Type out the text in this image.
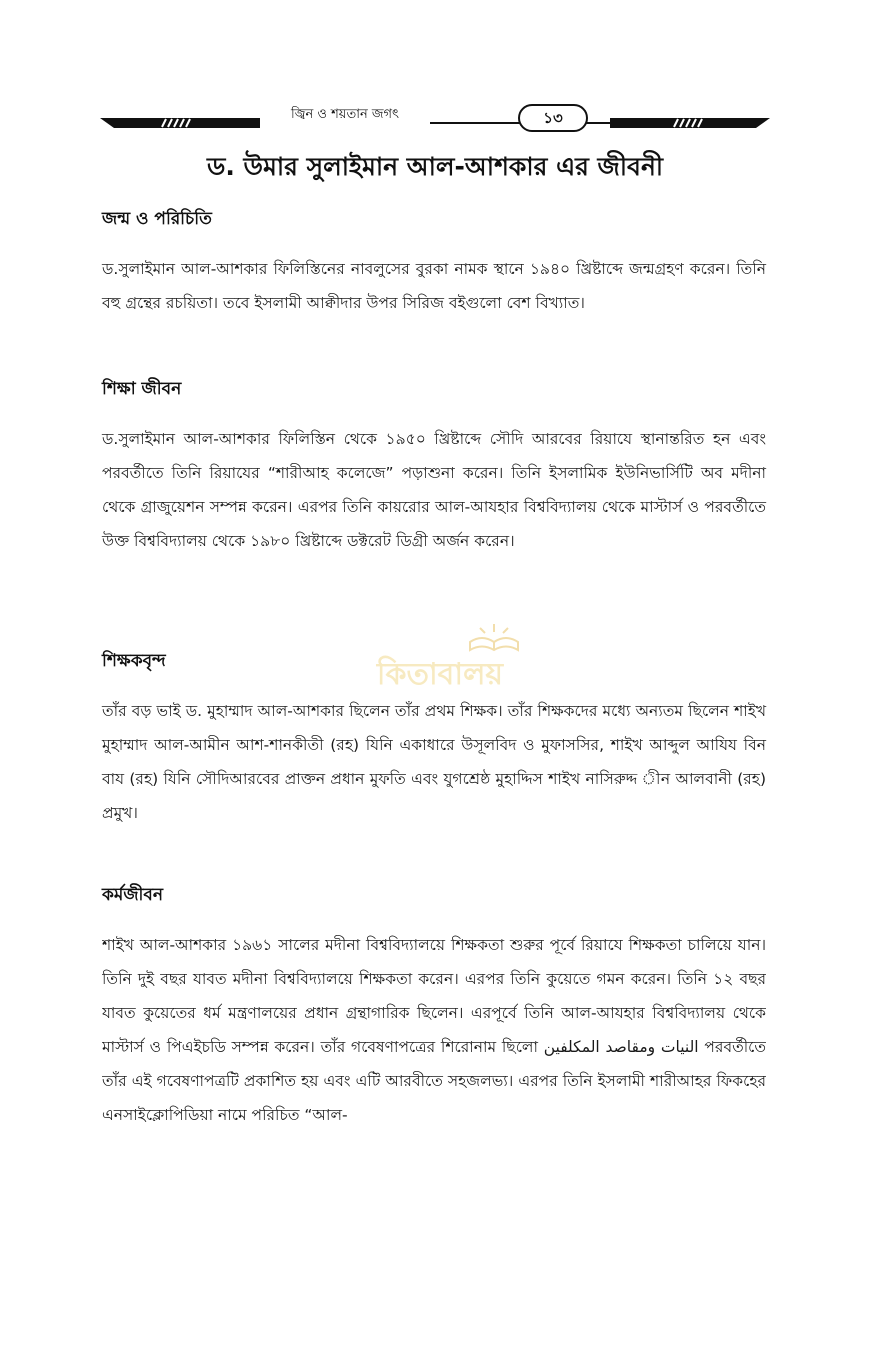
জ্বিন ও শয়তান জগৎ	১৩
ড. উমার সুলাইমান আল-আশকার এর জীবনী
কিতাবালয়
জন্ম ও পরিচিতি

ড.সুলাইমান আল-আশকার ফিলিস্তিনের নাবলুসের বুরকা নামক স্থানে ১৯৪০ খ্রিষ্টাব্দে জন্মগ্রহণ করেন। তিনি বহু গ্রন্থের রচয়িতা। তবে ইসলামী আক্বীদার উপর সিরিজ বইগুলো বেশ বিখ্যাত।

শিক্ষা জীবন

ড.সুলাইমান আল-আশকার ফিলিস্তিন থেকে ১৯৫০ খ্রিষ্টাব্দে সৌদি আরবের রিয়াযে স্থানান্তরিত হন এবং পরবর্তীতে তিনি রিয়াযের “শারীআহ কলেজে” পড়াশুনা করেন। তিনি ইসলামিক ইউনিভার্সিটি অব মদীনা থেকে গ্রাজুয়েশন সম্পন্ন করেন। এরপর তিনি কায়রোর আল-আযহার বিশ্ববিদ্যালয় থেকে মাস্টার্স ও পরবর্তীতে উক্ত বিশ্ববিদ্যালয় থেকে ১৯৮০ খ্রিষ্টাব্দে ডক্টরেট ডিগ্রী অর্জন করেন।

শিক্ষকবৃন্দ

তাঁর বড় ভাই ড. মুহাম্মাদ আল-আশকার ছিলেন তাঁর প্রথম শিক্ষক। তাঁর শিক্ষকদের মধ্যে অন্যতম ছিলেন শাইখ মুহাম্মাদ আল-আমীন আশ-শানকীতী (রহ) যিনি একাধারে উসূলবিদ ও মুফাসসির, শাইখ আব্দুল আযিয বিন বায (রহ) যিনি সৌদিআরবের প্রাক্তন প্রধান মুফতি এবং যুগশ্রেষ্ঠ মুহাদ্দিস শাইখ নাসিরুদ্দ ীন আলবানী (রহ) প্রমুখ।

কর্মজীবন

শাইখ আল-আশকার ১৯৬১ সালের মদীনা বিশ্ববিদ্যালয়ে শিক্ষকতা শুরুর পূর্বে রিয়াযে শিক্ষকতা চালিয়ে যান। তিনি দুই বছর যাবত মদীনা বিশ্ববিদ্যালয়ে শিক্ষকতা করেন। এরপর তিনি কুয়েতে গমন করেন। তিনি ১২ বছর যাবত কুয়েতের ধর্ম মন্ত্রণালয়ের প্রধান গ্রন্থাগারিক ছিলেন। এরপূর্বে তিনি আল-আযহার বিশ্ববিদ্যালয় থেকে মাস্টার্স ও পিএইচডি সম্পন্ন করেন। তাঁর গবেষণাপত্রের শিরোনাম ছিলো النيات ومقاصد المكلفين পরবর্তীতে তাঁর এই গবেষণাপত্রটি প্রকাশিত হয় এবং এটি আরবীতে সহজলভ্য। এরপর তিনি ইসলামী শারীআহর ফিকহের এনসাইক্লোপিডিয়া নামে পরিচিত “আল-
